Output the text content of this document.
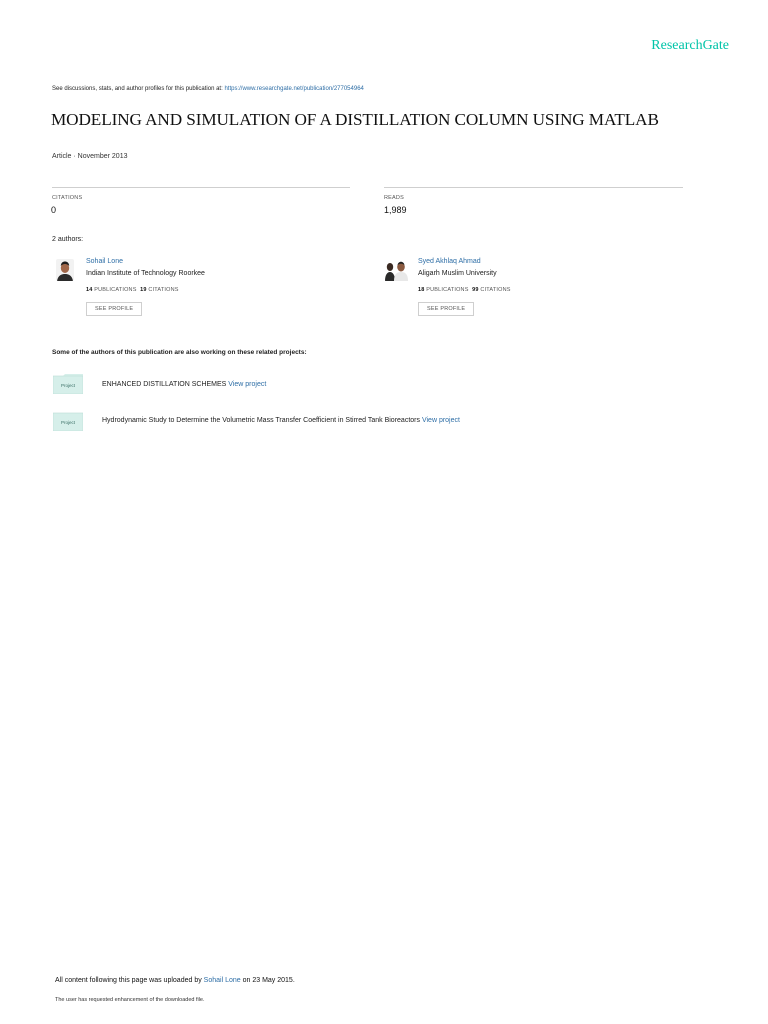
ResearchGate
See discussions, stats, and author profiles for this publication at: https://www.researchgate.net/publication/277054964
MODELING AND SIMULATION OF A DISTILLATION COLUMN USING MATLAB
Article · November 2013
CITATIONS
0
READS
1,989
2 authors:
Sohail Lone
Indian Institute of Technology Roorkee
14 PUBLICATIONS 19 CITATIONS
SEE PROFILE
Syed Akhlaq Ahmad
Aligarh Muslim University
18 PUBLICATIONS 99 CITATIONS
SEE PROFILE
Some of the authors of this publication are also working on these related projects:
Project	ENHANCED DISTILLATION SCHEMES View project
Project	Hydrodynamic Study to Determine the Volumetric Mass Transfer Coefficient in Stirred Tank Bioreactors View project
All content following this page was uploaded by Sohail Lone on 23 May 2015.
The user has requested enhancement of the downloaded file.
